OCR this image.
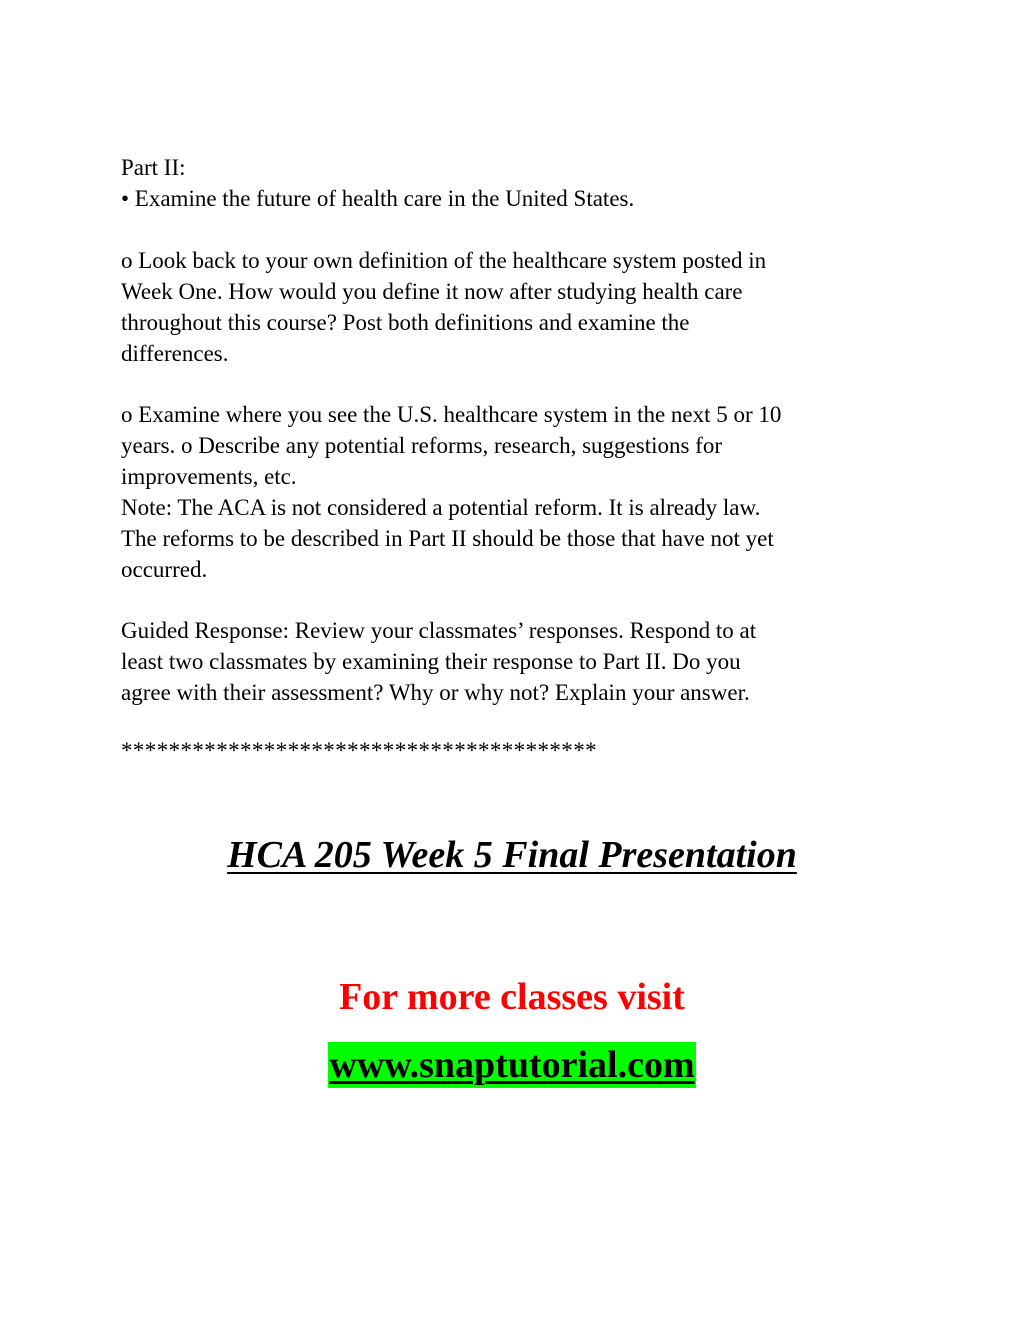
Part II:

• Examine the future of health care in the United States.

o Look back to your own definition of the healthcare system posted in

Week One. How would you define it now after studying health care

throughout this course? Post both definitions and examine the

differences.

o Examine where you see the U.S. healthcare system in the next 5 or 10

years. o Describe any potential reforms, research, suggestions for

improvements, etc.

Note: The ACA is not considered a potential reform. It is already law.

The reforms to be described in Part II should be those that have not yet

occurred.

Guided Response: Review your classmates’ responses. Respond to at

least two classmates by examining their response to Part II. Do you

agree with their assessment? Why or why not? Explain your answer.

****************************************
HCA 205 Week 5 Final Presentation

For more classes visit

www.snaptutorial.com
